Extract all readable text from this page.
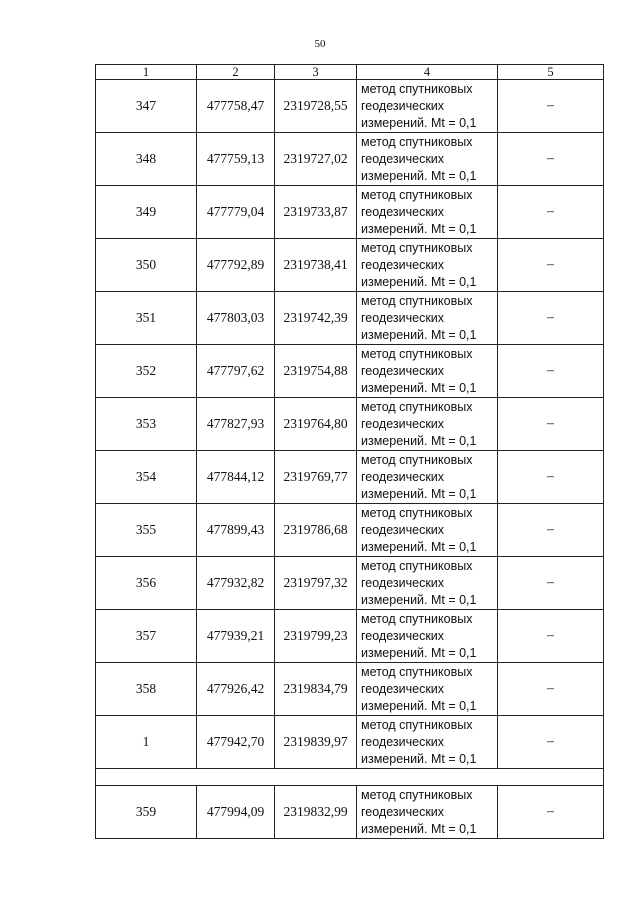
50
1	2	3	4	5
347	477758,47	2319728,55	метод спутниковых
геодезических
измерений. Mt = 0,1	–
348	477759,13	2319727,02	метод спутниковых
геодезических
измерений. Mt = 0,1	–
349	477779,04	2319733,87	метод спутниковых
геодезических
измерений. Mt = 0,1	–
350	477792,89	2319738,41	метод спутниковых
геодезических
измерений. Mt = 0,1	–
351	477803,03	2319742,39	метод спутниковых
геодезических
измерений. Mt = 0,1	–
352	477797,62	2319754,88	метод спутниковых
геодезических
измерений. Mt = 0,1	–
353	477827,93	2319764,80	метод спутниковых
геодезических
измерений. Mt = 0,1	–
354	477844,12	2319769,77	метод спутниковых
геодезических
измерений. Mt = 0,1	–
355	477899,43	2319786,68	метод спутниковых
геодезических
измерений. Mt = 0,1	–
356	477932,82	2319797,32	метод спутниковых
геодезических
измерений. Mt = 0,1	–
357	477939,21	2319799,23	метод спутниковых
геодезических
измерений. Mt = 0,1	–
358	477926,42	2319834,79	метод спутниковых
геодезических
измерений. Mt = 0,1	–
1	477942,70	2319839,97	метод спутниковых
геодезических
измерений. Mt = 0,1	–

359	477994,09	2319832,99	метод спутниковых
геодезических
измерений. Mt = 0,1	–
